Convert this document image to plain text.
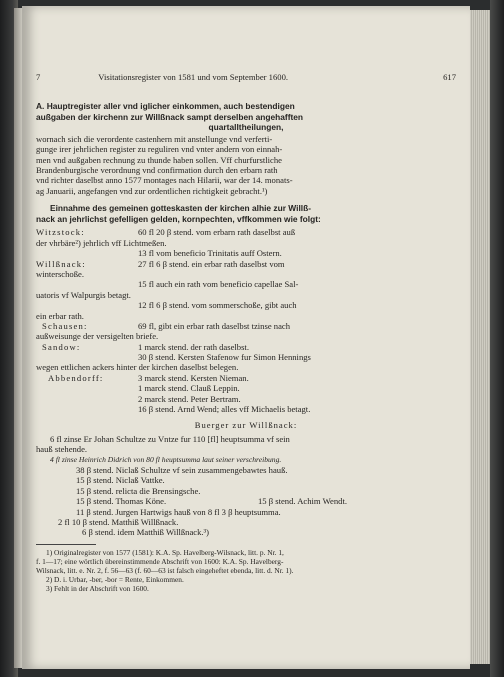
7	Visitationsregister von 1581 und vom September 1600.	617
A. Hauptregister aller vnd iglicher einkommen, auch bestendigen
außgaben der kirchenn zur Willßnack sampt derselben angehafften
quartalltheilungen,
wornach sich die verordente castenhern mit anstellunge vnd verferti-
gunge irer jehrlichen register zu reguliren vnd vnter andern von einnah-
men vnd außgaben rechnung zu thunde haben sollen. Vff churfurstliche
Brandenburgische verordnung vnd confirmation durch den erbarn rath
vnd richter daselbst anno 1577 montages nach Hilarii, war der 14. monats-
ag Januarii, angefangen vnd zur ordentlichen richtigkeit gebracht.¹)
Einnahme des gemeinen gotteskasten der kirchen alhie zur Willß-
nack an jehrlichst gefelligen gelden, kornpechten, vffkommen wie folgt:
Witzstock:	60 fl 20 β stend. vom erbarn rath daselbst auß
der vhrbäre²) jehrlich vff Lichtmeßen.
13 fl vom beneficio Trinitatis auff Ostern.
Willßnack:	27 fl 6 β stend. ein erbar rath daselbst vom
winterschoße.
15 fl auch ein rath vom beneficio capellae Sal-
uatoris vf Walpurgis betagt.
12 fl 6 β stend. vom sommerschoße, gibt auch
ein erbar rath.
Schausen:	69 fl, gibt ein erbar rath daselbst tzinse nach
außweisunge der versigelten briefe.
Sandow:	1 marck stend. der rath daselbst.
30 β stend. Kersten Stafenow fur Simon Hennings
wegen ettlichen ackers hinter der kirchen daselbst belegen.
Abbendorff:	3 marck stend. Kersten Nieman.
1 marck stend. Clauß Leppin.
2 marck stend. Peter Bertram.
16 β stend. Arnd Wend; alles vff Michaelis betagt.
Buerger zur Willßnack:
6 fl zinse Er Johan Schultze zu Vntze fur 110 [fl] heuptsumma vf sein
hauß stehende.
4 fl zinse Heinrich Didrich von 80 fl heuptsumma laut seiner verschreibung.
38 β stend. Niclaß Schultze vf sein zusammengebawtes hauß.
15 β stend. Niclaß Vattke.
15 β stend. relicta die Brensingsche.
15 β stend. Thomas Köne.	15 β stend. Achim Wendt.
11 β stend. Jurgen Hartwigs hauß von 8 fl 3 β heuptsumma.
2 fl 10 β stend. Matthiß Willßnack.
6 β stend. idem Matthiß Willßnack.³)
1) Originalregister von 1577 (1581): K.A. Sp. Havelberg-Wilsnack, litt. p. Nr. 1,
f. 1—17; eine wörtlich übereinstimmende Abschrift von 1600: K.A. Sp. Havelberg-
Wilsnack, litt. e. Nr. 2, f. 56—63 (f. 60—63 ist falsch eingeheftet ebenda, litt. d. Nr. 1).
2) D. i. Urbar, -ber, -bor = Rente, Einkommen.
3) Fehlt in der Abschrift von 1600.
